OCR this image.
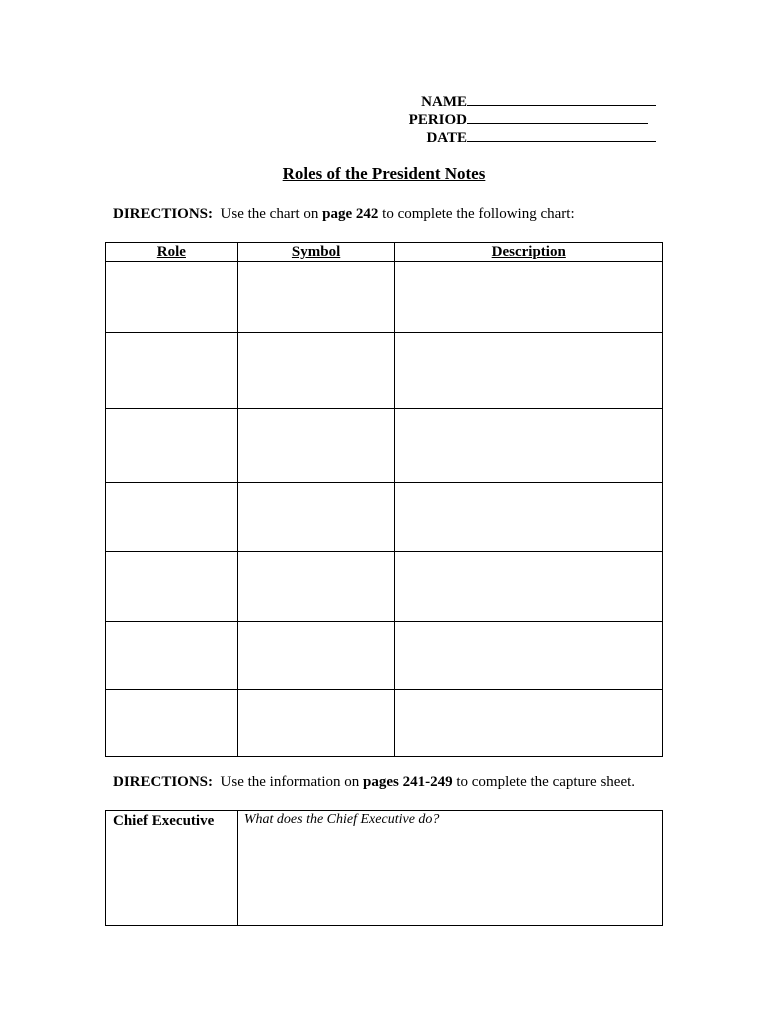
NAME
PERIOD
DATE
Roles of the President Notes
DIRECTIONS: Use the chart on page 242 to complete the following chart:
Role	Symbol	Description

DIRECTIONS: Use the information on pages 241-249 to complete the capture sheet.
Chief Executive	What does the Chief Executive do?
